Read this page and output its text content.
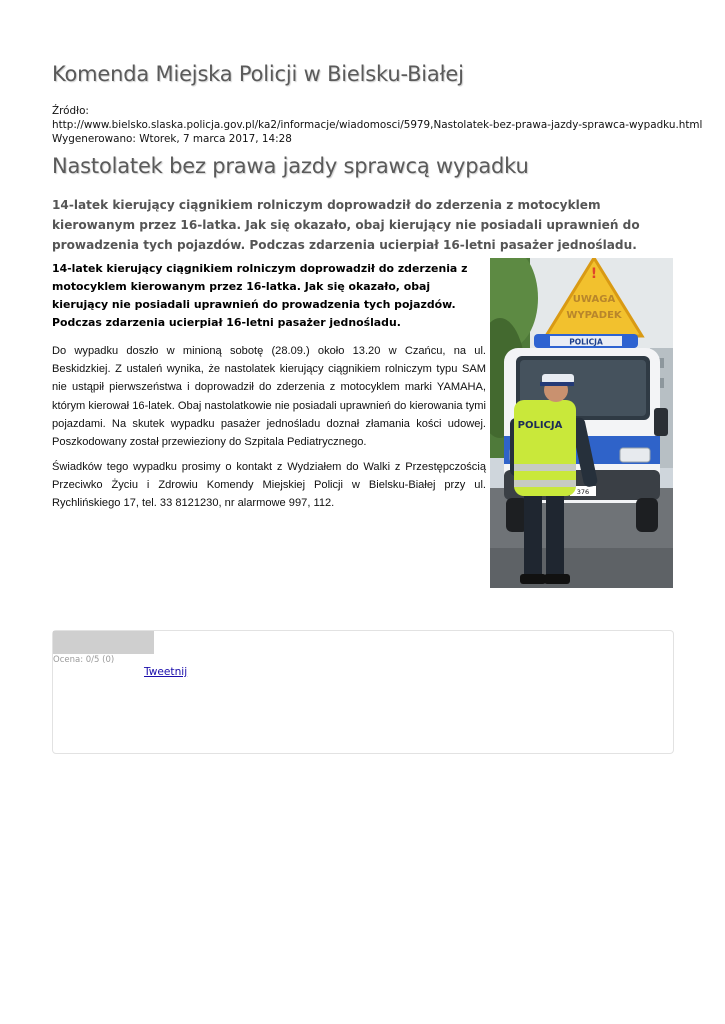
Komenda Miejska Policji w Bielsku-Białej
Źródło:
http://www.bielsko.slaska.policja.gov.pl/ka2/informacje/wiadomosci/5979,Nastolatek-bez-prawa-jazdy-sprawca-wypadku.html
Wygenerowano: Wtorek, 7 marca 2017, 14:28
Nastolatek bez prawa jazdy sprawcą wypadku
14-latek kierujący ciągnikiem rolniczym doprowadził do zderzenia z motocyklem kierowanym przez 16-latka. Jak się okazało, obaj kierujący nie posiadali uprawnień do prowadzenia tych pojazdów. Podczas zdarzenia ucierpiał 16-letni pasażer jednośladu.
14-latek kierujący ciągnikiem rolniczym doprowadził do zderzenia z motocyklem kierowanym przez 16-latka. Jak się okazało, obaj kierujący nie posiadali uprawnień do prowadzenia tych pojazdów. Podczas zdarzenia ucierpiał 16-letni pasażer jednośladu.
Do wypadku doszło w minioną sobotę (28.09.) około 13.20 w Czańcu, na ul. Beskidzkiej. Z ustaleń wynika, że nastolatek kierujący ciągnikiem rolniczym typu SAM nie ustąpił pierwszeństwa i doprowadził do zderzenia z motocyklem marki YAMAHA, którym kierował 16-latek. Obaj nastolatkowie nie posiadali uprawnień do kierowania tymi pojazdami. Na skutek wypadku pasażer jednośladu doznał złamania kości udowej. Poszkodowany został przewieziony do Szpitala Pediatrycznego.
Świadków tego wypadku prosimy o kontakt z Wydziałem do Walki z Przestępczością Przeciwko Życiu i Zdrowiu Komendy Miejskiej Policji w Bielsku-Białej przy ul. Rychlińskiego 17, tel. 33 8121230, nr alarmowe 997, 112.
!
UWAGA
WYPADEK
POLICJA
376
POLICJA
Ocena: 0/5 (0)
Tweetnij
